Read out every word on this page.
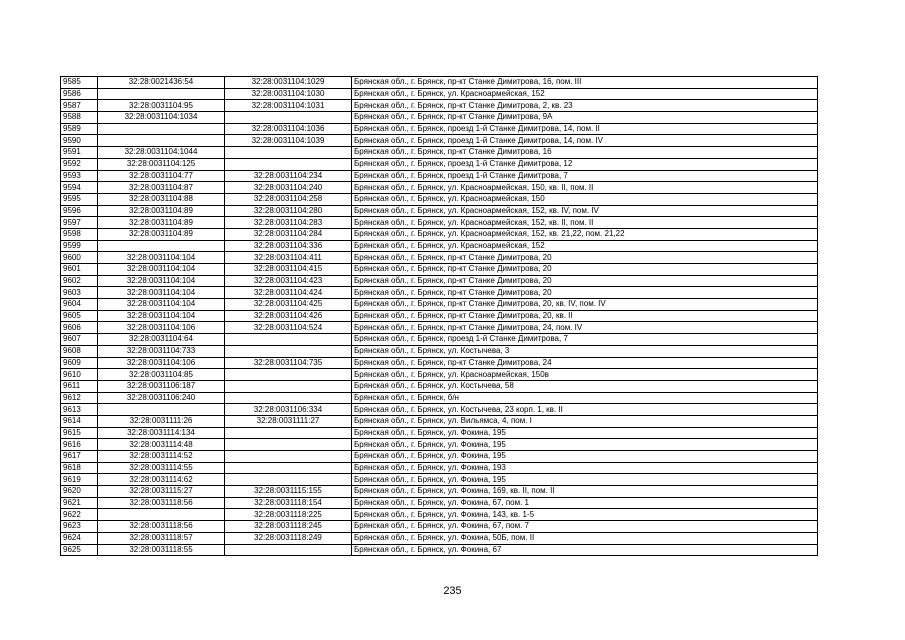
9585	32:28:0021436:54	32:28:0031104:1029	Брянская обл., г. Брянск, пр-кт Станке Димитрова, 16, пом. III
9586		32:28:0031104:1030	Брянская обл., г. Брянск, ул. Красноармейская, 152
9587	32:28:0031104:95	32:28:0031104:1031	Брянская обл., г. Брянск, пр-кт Станке Димитрова, 2, кв. 23
9588	32:28:0031104:1034		Брянская обл., г. Брянск, пр-кт Станке Димитрова, 9А
9589		32:28:0031104:1036	Брянская обл., г. Брянск, проезд 1-й Станке Димитрова, 14, пом. II
9590		32:28:0031104:1039	Брянская обл., г. Брянск, проезд 1-й Станке Димитрова, 14, пом. IV
9591	32:28:0031104:1044		Брянская обл., г. Брянск, пр-кт Станке Димитрова, 16
9592	32:28:0031104:125		Брянская обл., г. Брянск, проезд 1-й Станке Димитрова, 12
9593	32:28:0031104:77	32:28:0031104:234	Брянская обл., г. Брянск, проезд 1-й Станке Димитрова, 7
9594	32:28:0031104:87	32:28:0031104:240	Брянская обл., г. Брянск, ул. Красноармейская, 150, кв. II, пом. II
9595	32:28:0031104:88	32:28:0031104:258	Брянская обл., г. Брянск, ул. Красноармейская, 150
9596	32:28:0031104:89	32:28:0031104:280	Брянская обл., г. Брянск, ул. Красноармейская, 152, кв. IV, пом. IV
9597	32:28:0031104:89	32:28:0031104:283	Брянская обл., г. Брянск, ул. Красноармейская, 152, кв. II, пом. II
9598	32:28:0031104:89	32:28:0031104:284	Брянская обл., г. Брянск, ул. Красноармейская, 152, кв. 21,22, пом. 21,22
9599		32:28:0031104:336	Брянская обл., г. Брянск, ул. Красноармейская, 152
9600	32:28:0031104:104	32:28:0031104:411	Брянская обл., г. Брянск, пр-кт Станке Димитрова, 20
9601	32:28:0031104:104	32:28:0031104:415	Брянская обл., г. Брянск, пр-кт Станке Димитрова, 20
9602	32:28:0031104:104	32:28:0031104:423	Брянская обл., г. Брянск, пр-кт Станке Димитрова, 20
9603	32:28:0031104:104	32:28:0031104:424	Брянская обл., г. Брянск, пр-кт Станке Димитрова, 20
9604	32:28:0031104:104	32:28:0031104:425	Брянская обл., г. Брянск, пр-кт Станке Димитрова, 20, кв. IV, пом. IV
9605	32:28:0031104:104	32:28:0031104:426	Брянская обл., г. Брянск, пр-кт Станке Димитрова, 20, кв. II
9606	32:28:0031104:106	32:28:0031104:524	Брянская обл., г. Брянск, пр-кт Станке Димитрова, 24, пом. IV
9607	32:28:0031104:64		Брянская обл., г. Брянск, проезд 1-й Станке Димитрова, 7
9608	32:28:0031104:733		Брянская обл., г. Брянск, ул. Костычева, 3
9609	32:28:0031104:106	32:28:0031104:735	Брянская обл., г. Брянск, пр-кт Станке Димитрова, 24
9610	32:28:0031104:85		Брянская обл., г. Брянск, ул. Красноармейская, 150в
9611	32:28:0031106:187		Брянская обл., г. Брянск, ул. Костычева, 58
9612	32:28:0031106:240		Брянская обл., г. Брянск, б/н
9613		32:28:0031106:334	Брянская обл., г. Брянск, ул. Костычева, 23 корп. 1, кв. II
9614	32:28:0031111:26	32:28:0031111:27	Брянская обл., г. Брянск, ул. Вильямса, 4, пом. I
9615	32:28:0031114:134		Брянская обл., г. Брянск, ул. Фокина, 195
9616	32:28:0031114:48		Брянская обл., г. Брянск, ул. Фокина, 195
9617	32:28:0031114:52		Брянская обл., г. Брянск, ул. Фокина, 195
9618	32:28:0031114:55		Брянская обл., г. Брянск, ул. Фокина, 193
9619	32:28:0031114:62		Брянская обл., г. Брянск, ул. Фокина, 195
9620	32:28:0031115:27	32:28:0031115:155	Брянская обл., г. Брянск, ул. Фокина, 169, кв. II, пом. II
9621	32:28:0031118:56	32:28:0031118:154	Брянская обл., г. Брянск, ул. Фокина, 67, пом. 1
9622		32:28:0031118:225	Брянская обл., г. Брянск, ул. Фокина, 143, кв. 1-5
9623	32:28:0031118:56	32:28:0031118:245	Брянская обл., г. Брянск, ул. Фокина, 67, пом. 7
9624	32:28:0031118:57	32:28:0031118:249	Брянская обл., г. Брянск, ул. Фокина, 50Б, пом. II
9625	32:28:0031118:55		Брянская обл., г. Брянск, ул. Фокина, 67
235
